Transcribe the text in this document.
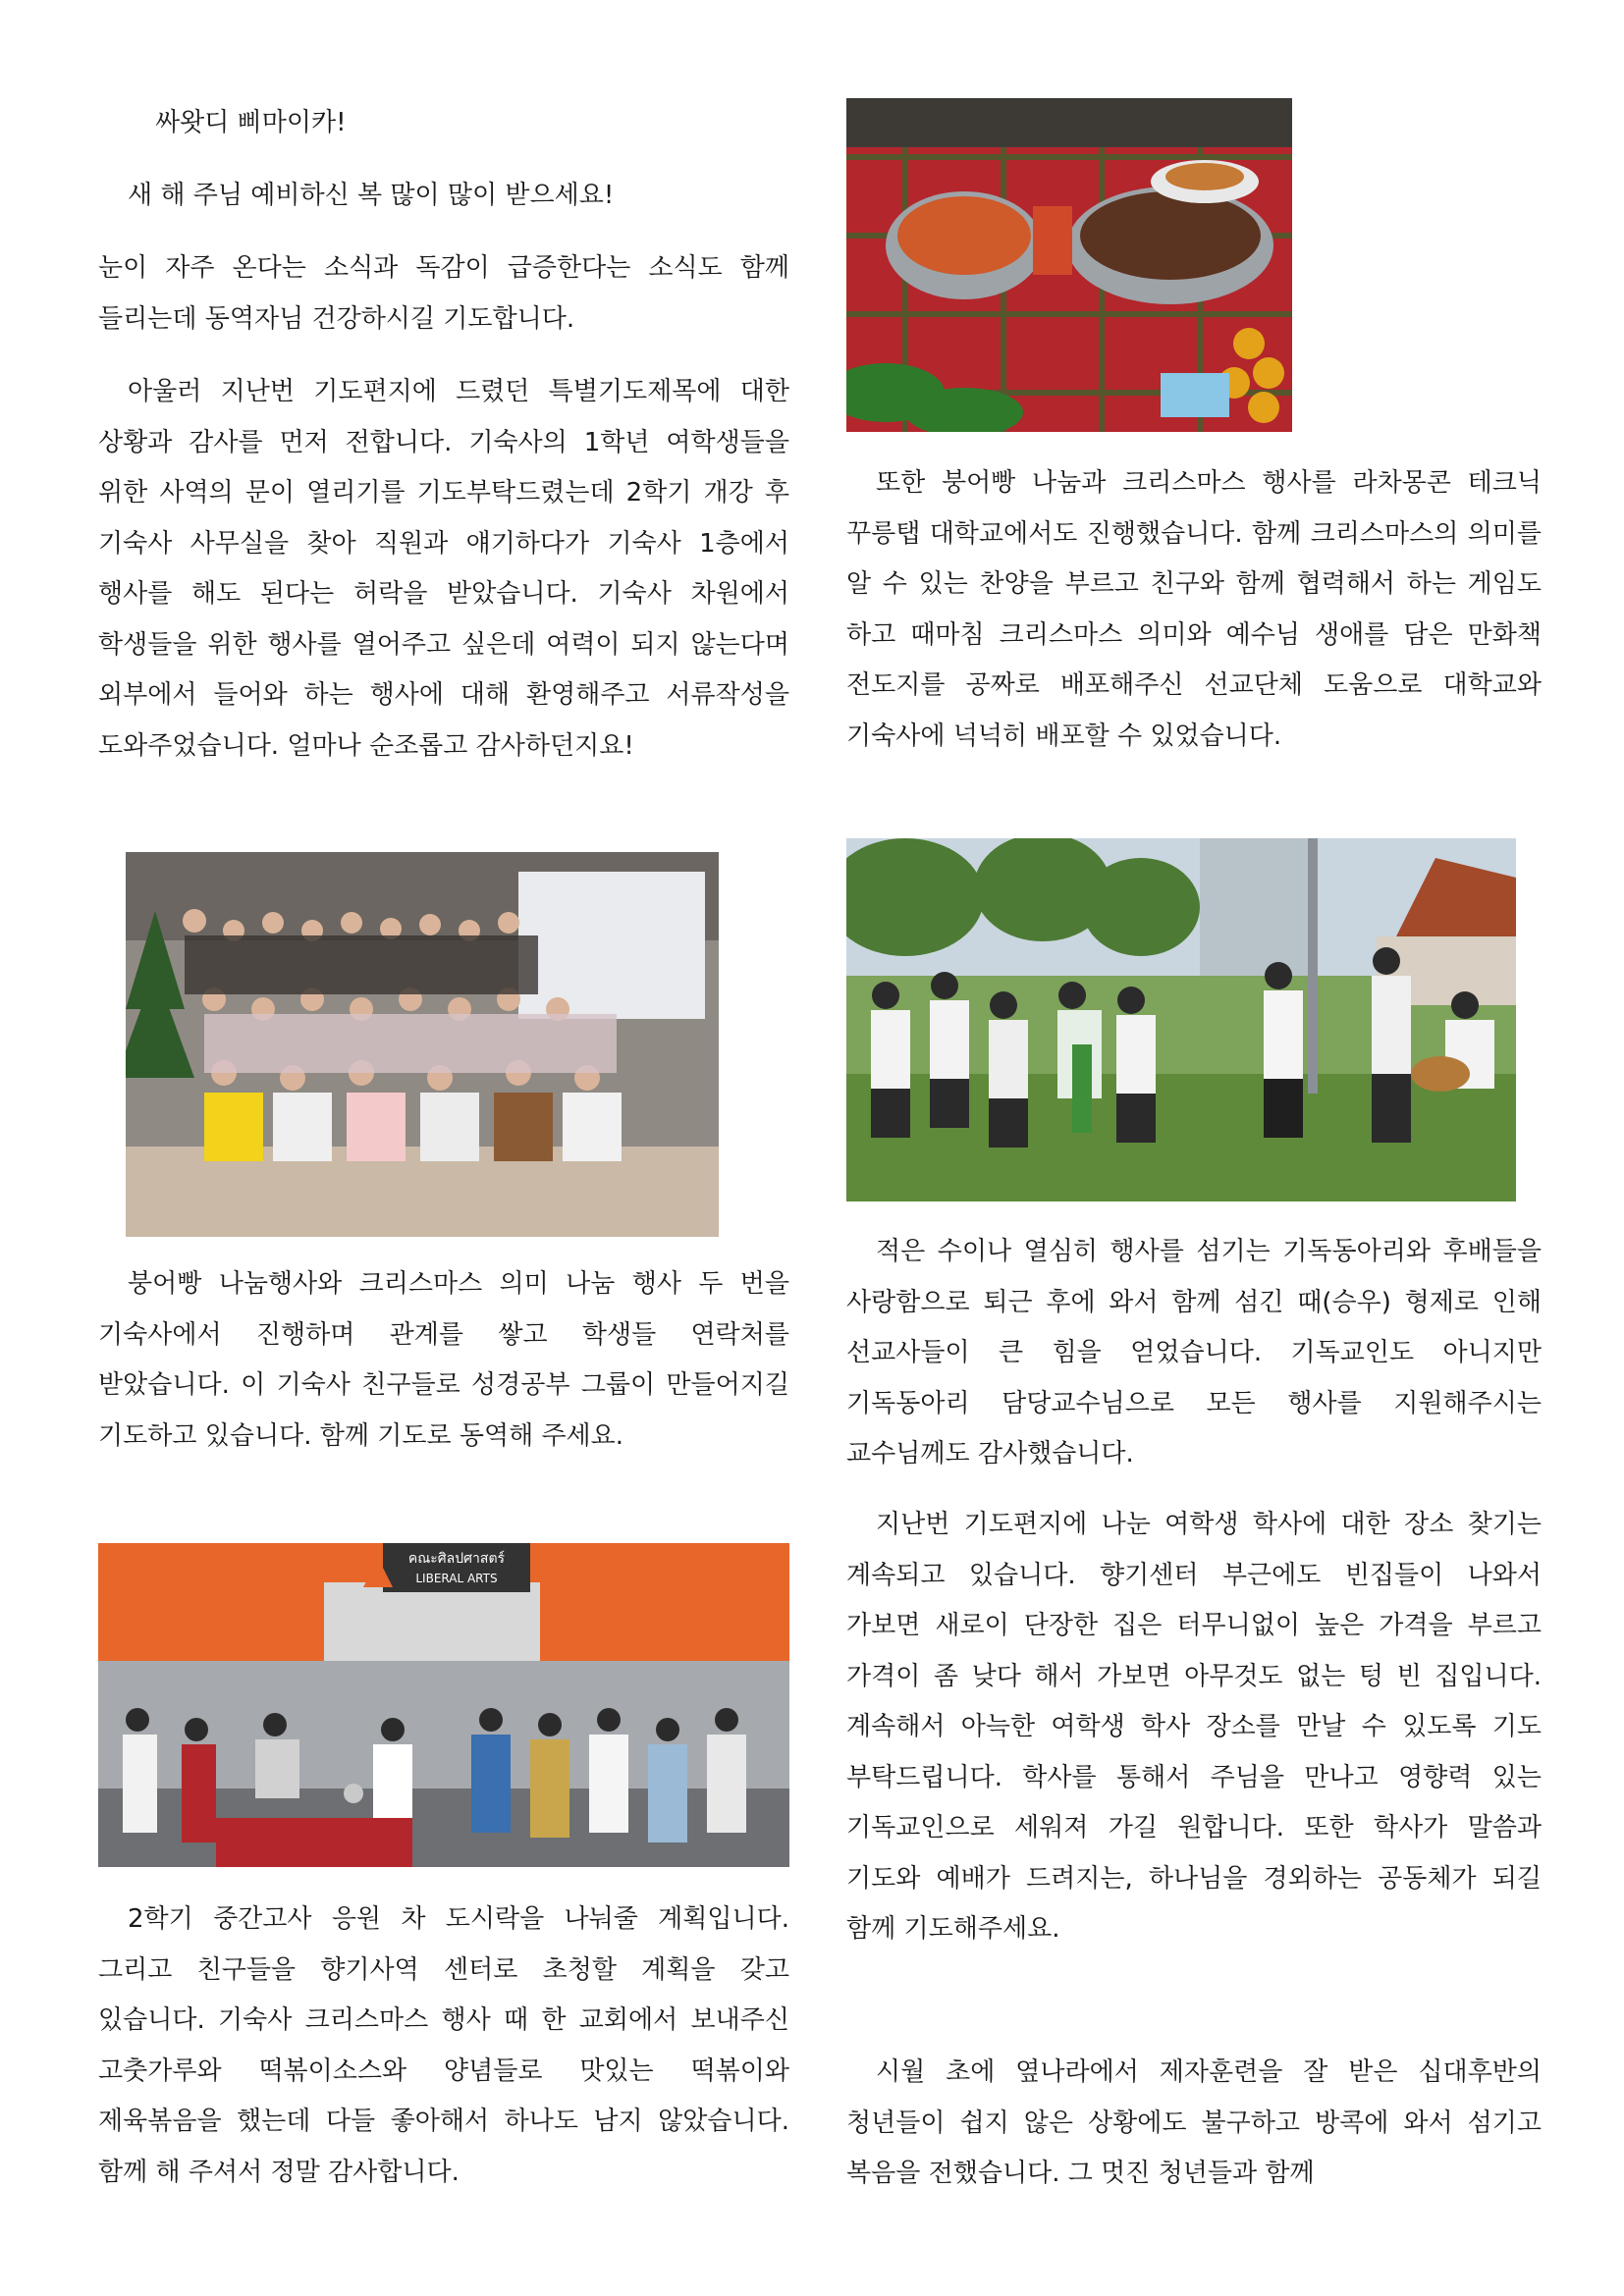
싸왓디 삐마이카!

새 해 주님 예비하신 복 많이 많이 받으세요!

눈이 자주 온다는 소식과 독감이 급증한다는 소식도 함께 들리는데 동역자님 건강하시길 기도합니다.

아울러 지난번 기도편지에 드렸던 특별기도제목에 대한 상황과 감사를 먼저 전합니다. 기숙사의 1학년 여학생들을 위한 사역의 문이 열리기를 기도부탁드렸는데 2학기 개강 후 기숙사 사무실을 찾아 직원과 얘기하다가 기숙사 1층에서 행사를 해도 된다는 허락을 받았습니다. 기숙사 차원에서 학생들을 위한 행사를 열어주고 싶은데 여력이 되지 않는다며 외부에서 들어와 하는 행사에 대해 환영해주고 서류작성을 도와주었습니다. 얼마나 순조롭고 감사하던지요!

붕어빵 나눔행사와 크리스마스 의미 나눔 행사 두 번을 기숙사에서 진행하며 관계를 쌓고 학생들 연락처를 받았습니다. 이 기숙사 친구들로 성경공부 그룹이 만들어지길 기도하고 있습니다. 함께 기도로 동역해 주세요.

คณะศิลปศาสตร์
LIBERAL ARTS

2학기 중간고사 응원 차 도시락을 나눠줄 계획입니다. 그리고 친구들을 향기사역 센터로 초청할 계획을 갖고 있습니다. 기숙사 크리스마스 행사 때 한 교회에서 보내주신 고춧가루와 떡볶이소스와 양념들로 맛있는 떡볶이와 제육볶음을 했는데 다들 좋아해서 하나도 남지 않았습니다. 함께 해 주셔서 정말 감사합니다.

또한 붕어빵 나눔과 크리스마스 행사를 라차몽콘 테크닉 꾸릉탭 대학교에서도 진행했습니다. 함께 크리스마스의 의미를 알 수 있는 찬양을 부르고 친구와 함께 협력해서 하는 게임도 하고 때마침 크리스마스 의미와 예수님 생애를 담은 만화책 전도지를 공짜로 배포해주신 선교단체 도움으로 대학교와 기숙사에 넉넉히 배포할 수 있었습니다.

적은 수이나 열심히 행사를 섬기는 기독동아리와 후배들을 사랑함으로 퇴근 후에 와서 함께 섬긴 때(승우) 형제로 인해 선교사들이 큰 힘을 얻었습니다. 기독교인도 아니지만 기독동아리 담당교수님으로 모든 행사를 지원해주시는 교수님께도 감사했습니다.

지난번 기도편지에 나눈 여학생 학사에 대한 장소 찾기는 계속되고 있습니다. 향기센터 부근에도 빈집들이 나와서 가보면 새로이 단장한 집은 터무니없이 높은 가격을 부르고 가격이 좀 낮다 해서 가보면 아무것도 없는 텅 빈 집입니다. 계속해서 아늑한 여학생 학사 장소를 만날 수 있도록 기도 부탁드립니다. 학사를 통해서 주님을 만나고 영향력 있는 기독교인으로 세워져 가길 원합니다. 또한 학사가 말씀과 기도와 예배가 드려지는, 하나님을 경외하는 공동체가 되길 함께 기도해주세요.

시월 초에 옆나라에서 제자훈련을 잘 받은 십대후반의 청년들이 쉽지 않은 상황에도 불구하고 방콕에 와서 섬기고 복음을 전했습니다. 그 멋진 청년들과 함께
